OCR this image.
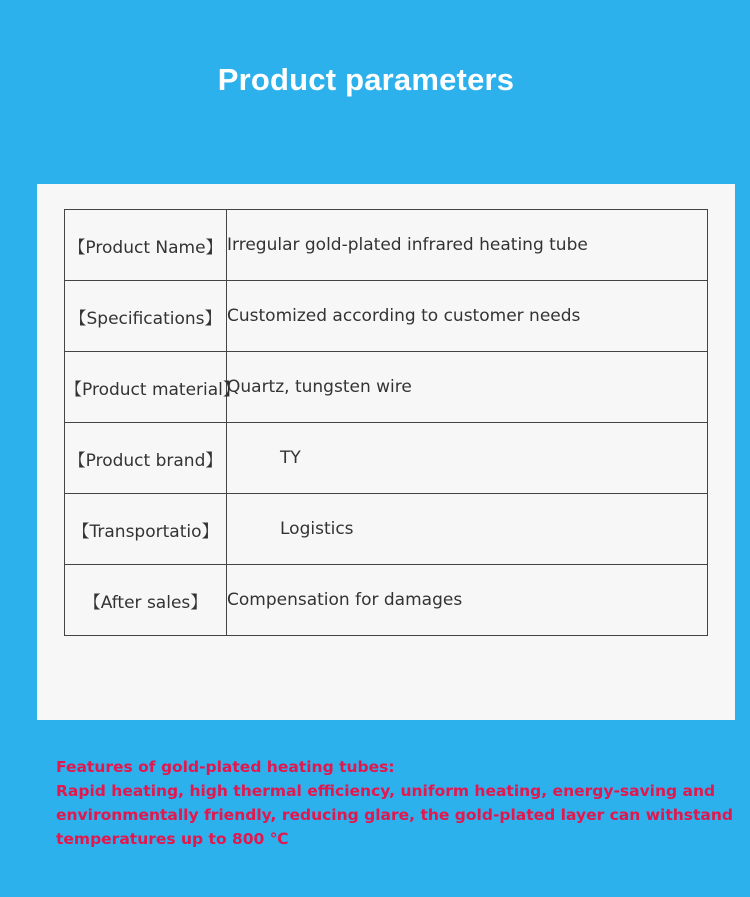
Product parameters
【Product Name】	Irregular gold-plated infrared heating tube
【Specifications】	Customized according to customer needs
【Product material】	Quartz, tungsten wire
【Product brand】	TY
【Transportatio】	Logistics
【After sales】	Compensation for damages
Features of gold-plated heating tubes:
Rapid heating, high thermal efficiency, uniform heating, energy-saving and
environmentally friendly, reducing glare, the gold-plated layer can withstand
temperatures up to 800 ℃
